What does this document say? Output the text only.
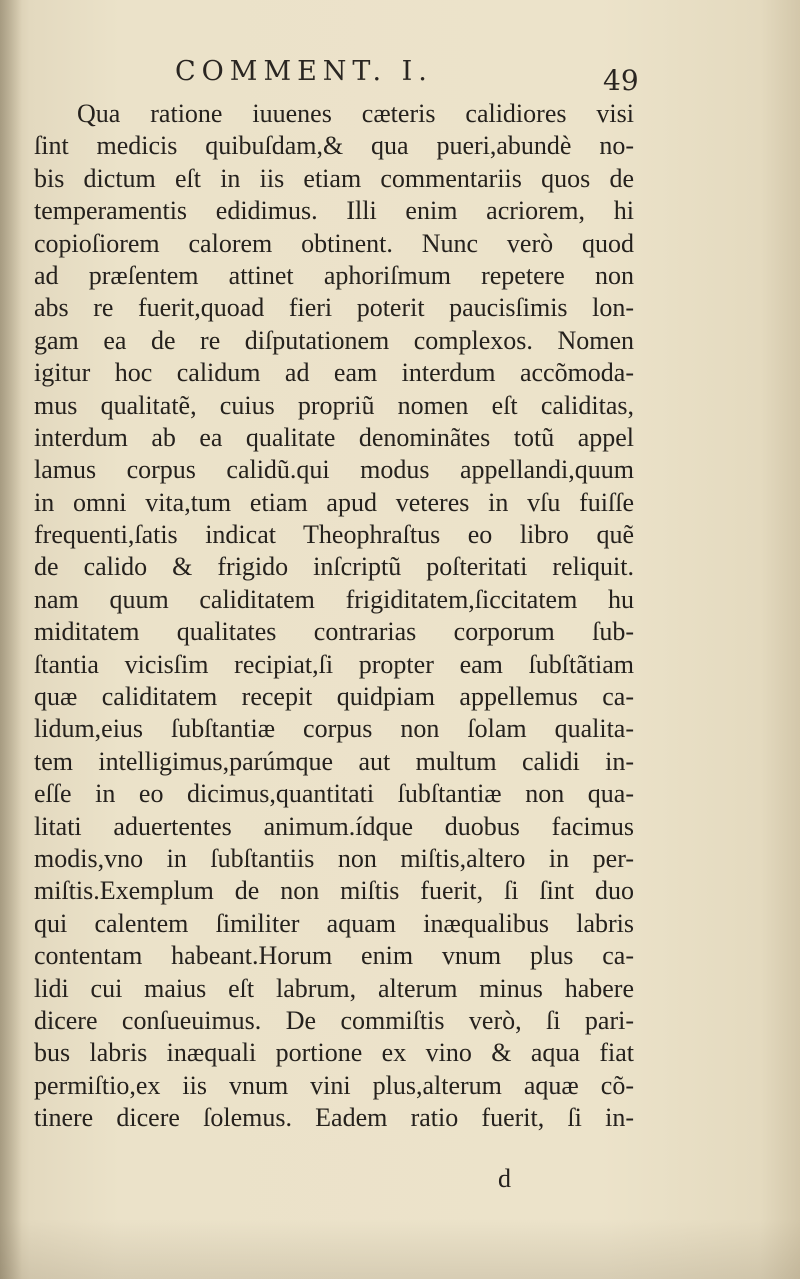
COMMENT. I.	49
Qua ratione iuuenes cæteris calidiores visi
ſint medicis quibuſdam,& qua pueri,abundè no-
bis dictum eſt in iis etiam commentariis quos de
temperamentis edidimus. Illi enim acriorem, hi
copioſiorem calorem obtinent. Nunc verò quod
ad præſentem attinet aphoriſmum repetere non
abs re fuerit,quoad fieri poterit paucisſimis lon-
gam ea de re diſputationem complexos. Nomen
igitur hoc calidum ad eam interdum accõmoda-
mus qualitatẽ, cuius propriũ nomen eſt caliditas,
interdum ab ea qualitate denominãtes totũ appel
lamus corpus calidũ.qui modus appellandi,quum
in omni vita,tum etiam apud veteres in vſu fuiſſe
frequenti,ſatis indicat Theophraſtus eo libro quẽ
de calido & frigido inſcriptũ poſteritati reliquit.
nam quum caliditatem frigiditatem,ſiccitatem hu
miditatem qualitates contrarias corporum ſub-
ſtantia vicisſim recipiat,ſi propter eam ſubſtãtiam
quæ caliditatem recepit quidpiam appellemus ca-
lidum,eius ſubſtantiæ corpus non ſolam qualita-
tem intelligimus,parúmque aut multum calidi in-
eſſe in eo dicimus,quantitati ſubſtantiæ non qua-
litati aduertentes animum.ídque duobus facimus
modis,vno in ſubſtantiis non miſtis,altero in per-
miſtis.Exemplum de non miſtis fuerit, ſi ſint duo
qui calentem ſimiliter aquam inæqualibus labris
contentam habeant.Horum enim vnum plus ca-
lidi cui maius eſt labrum, alterum minus habere
dicere conſueuimus. De commiſtis verò, ſi pari-
bus labris inæquali portione ex vino & aqua fiat
permiſtio,ex iis vnum vini plus,alterum aquæ cõ-
tinere dicere ſolemus. Eadem ratio fuerit, ſi in-
d
